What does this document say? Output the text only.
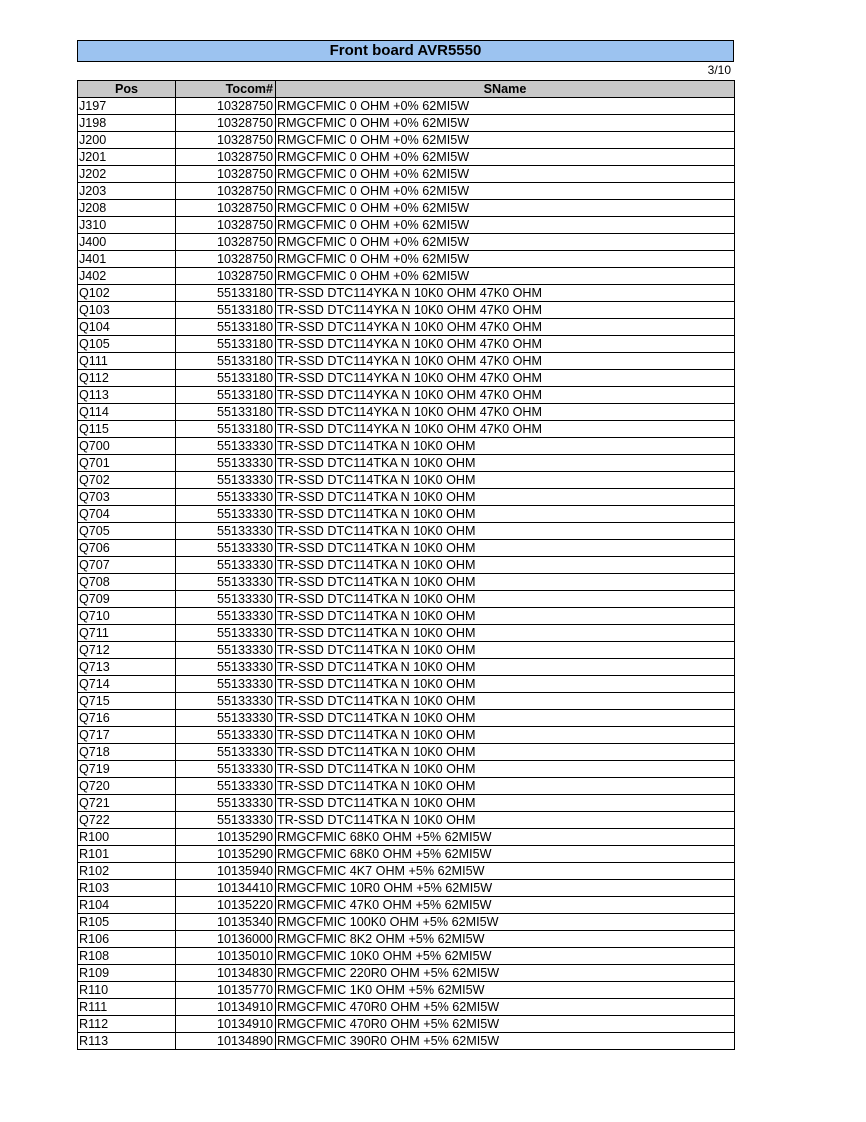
Front board AVR5550
3/10
Pos	Tocom#	SName
J197	10328750	RMGCFMIC 0 OHM +0% 62MI5W
J198	10328750	RMGCFMIC 0 OHM +0% 62MI5W
J200	10328750	RMGCFMIC 0 OHM +0% 62MI5W
J201	10328750	RMGCFMIC 0 OHM +0% 62MI5W
J202	10328750	RMGCFMIC 0 OHM +0% 62MI5W
J203	10328750	RMGCFMIC 0 OHM +0% 62MI5W
J208	10328750	RMGCFMIC 0 OHM +0% 62MI5W
J310	10328750	RMGCFMIC 0 OHM +0% 62MI5W
J400	10328750	RMGCFMIC 0 OHM +0% 62MI5W
J401	10328750	RMGCFMIC 0 OHM +0% 62MI5W
J402	10328750	RMGCFMIC 0 OHM +0% 62MI5W
Q102	55133180	TR-SSD DTC114YKA N 10K0 OHM 47K0 OHM
Q103	55133180	TR-SSD DTC114YKA N 10K0 OHM 47K0 OHM
Q104	55133180	TR-SSD DTC114YKA N 10K0 OHM 47K0 OHM
Q105	55133180	TR-SSD DTC114YKA N 10K0 OHM 47K0 OHM
Q111	55133180	TR-SSD DTC114YKA N 10K0 OHM 47K0 OHM
Q112	55133180	TR-SSD DTC114YKA N 10K0 OHM 47K0 OHM
Q113	55133180	TR-SSD DTC114YKA N 10K0 OHM 47K0 OHM
Q114	55133180	TR-SSD DTC114YKA N 10K0 OHM 47K0 OHM
Q115	55133180	TR-SSD DTC114YKA N 10K0 OHM 47K0 OHM
Q700	55133330	TR-SSD DTC114TKA N 10K0 OHM
Q701	55133330	TR-SSD DTC114TKA N 10K0 OHM
Q702	55133330	TR-SSD DTC114TKA N 10K0 OHM
Q703	55133330	TR-SSD DTC114TKA N 10K0 OHM
Q704	55133330	TR-SSD DTC114TKA N 10K0 OHM
Q705	55133330	TR-SSD DTC114TKA N 10K0 OHM
Q706	55133330	TR-SSD DTC114TKA N 10K0 OHM
Q707	55133330	TR-SSD DTC114TKA N 10K0 OHM
Q708	55133330	TR-SSD DTC114TKA N 10K0 OHM
Q709	55133330	TR-SSD DTC114TKA N 10K0 OHM
Q710	55133330	TR-SSD DTC114TKA N 10K0 OHM
Q711	55133330	TR-SSD DTC114TKA N 10K0 OHM
Q712	55133330	TR-SSD DTC114TKA N 10K0 OHM
Q713	55133330	TR-SSD DTC114TKA N 10K0 OHM
Q714	55133330	TR-SSD DTC114TKA N 10K0 OHM
Q715	55133330	TR-SSD DTC114TKA N 10K0 OHM
Q716	55133330	TR-SSD DTC114TKA N 10K0 OHM
Q717	55133330	TR-SSD DTC114TKA N 10K0 OHM
Q718	55133330	TR-SSD DTC114TKA N 10K0 OHM
Q719	55133330	TR-SSD DTC114TKA N 10K0 OHM
Q720	55133330	TR-SSD DTC114TKA N 10K0 OHM
Q721	55133330	TR-SSD DTC114TKA N 10K0 OHM
Q722	55133330	TR-SSD DTC114TKA N 10K0 OHM
R100	10135290	RMGCFMIC 68K0 OHM +5% 62MI5W
R101	10135290	RMGCFMIC 68K0 OHM +5% 62MI5W
R102	10135940	RMGCFMIC 4K7 OHM +5% 62MI5W
R103	10134410	RMGCFMIC 10R0 OHM +5% 62MI5W
R104	10135220	RMGCFMIC 47K0 OHM +5% 62MI5W
R105	10135340	RMGCFMIC 100K0 OHM +5% 62MI5W
R106	10136000	RMGCFMIC 8K2 OHM +5% 62MI5W
R108	10135010	RMGCFMIC 10K0 OHM +5% 62MI5W
R109	10134830	RMGCFMIC 220R0 OHM +5% 62MI5W
R110	10135770	RMGCFMIC 1K0 OHM +5% 62MI5W
R111	10134910	RMGCFMIC 470R0 OHM +5% 62MI5W
R112	10134910	RMGCFMIC 470R0 OHM +5% 62MI5W
R113	10134890	RMGCFMIC 390R0 OHM +5% 62MI5W
